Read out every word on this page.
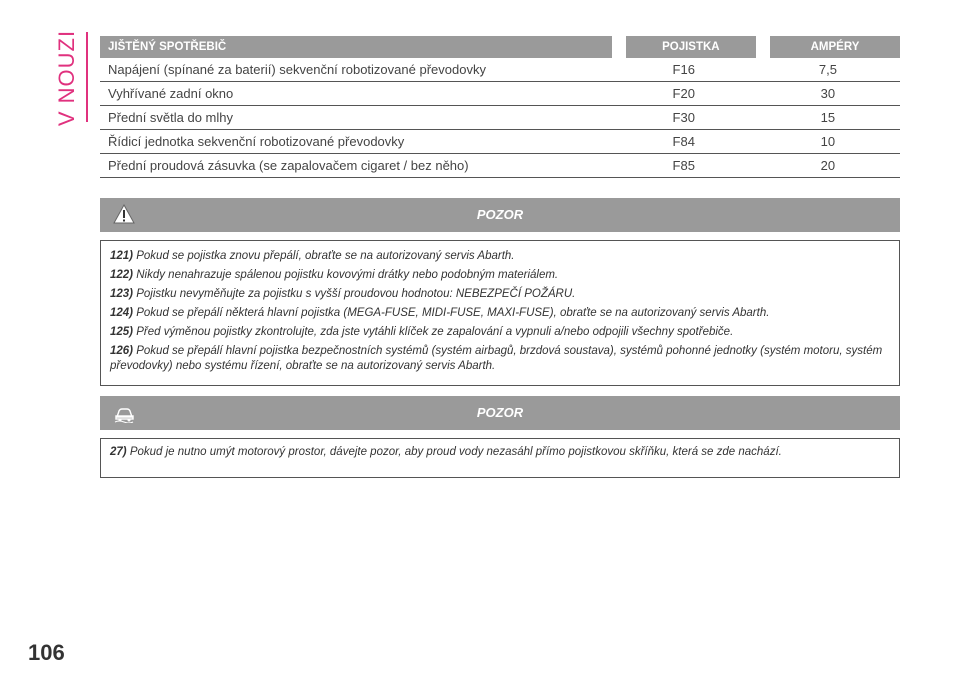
V NOUZI	JIŠTĚNÝ SPOTŘEBIČ		POJISTKA		AMPÉRY
Napájení (spínané za baterií) sekvenční robotizované převodovky	F16		7,5	
Vyhřívané zadní okno	F20		30	
Přední světla do mlhy	F30		15	
Řídicí jednotka sekvenční robotizované převodovky	F84		10	
Přední proudová zásuvka (se zapalovačem cigaret / bez něho)	F85		20	
POZOR

121) Pokud se pojistka znovu přepálí, obraťte se na autorizovaný servis Abarth.

122) Nikdy nenahrazuje spálenou pojistku kovovými drátky nebo podobným materiálem.

123) Pojistku nevyměňujte za pojistku s vyšší proudovou hodnotou: NEBEZPEČÍ POŽÁRU.

124) Pokud se přepálí některá hlavní pojistka (MEGA-FUSE, MIDI-FUSE, MAXI-FUSE), obraťte se na autorizovaný servis Abarth.

125) Před výměnou pojistky zkontrolujte, zda jste vytáhli klíček ze zapalování a vypnuli a/nebo odpojili všechny spotřebiče.

126) Pokud se přepálí hlavní pojistka bezpečnostních systémů (systém airbagů, brzdová soustava), systémů pohonné jednotky (systém motoru, systém převodovky) nebo systému řízení, obraťte se na autorizovaný servis Abarth.

POZOR

27) Pokud je nutno umýt motorový prostor, dávejte pozor, aby proud vody nezasáhl přímo pojistkovou skříňku, která se zde nachází.

106
